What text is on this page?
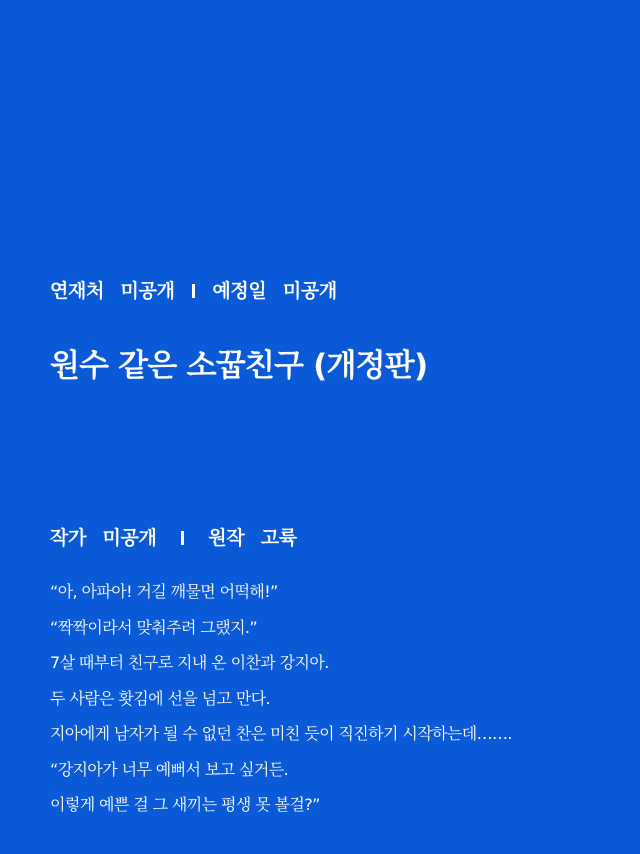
연재처 미공개 예정일 미공개
원수 같은 소꿉친구 (개정판)
작가 미공개	원작 고륙
“아, 아파아! 거길 깨물면 어떡해!”
“짝짝이라서 맞춰주려 그랬지.”
7살 때부터 친구로 지내 온 이찬과 강지아.
두 사람은 홧김에 선을 넘고 만다.
지아에게 남자가 될 수 없던 찬은 미친 듯이 직진하기 시작하는데…….
“강지아가 너무 예뻐서 보고 싶거든.
이렇게 예쁜 걸 그 새끼는 평생 못 볼걸?”
